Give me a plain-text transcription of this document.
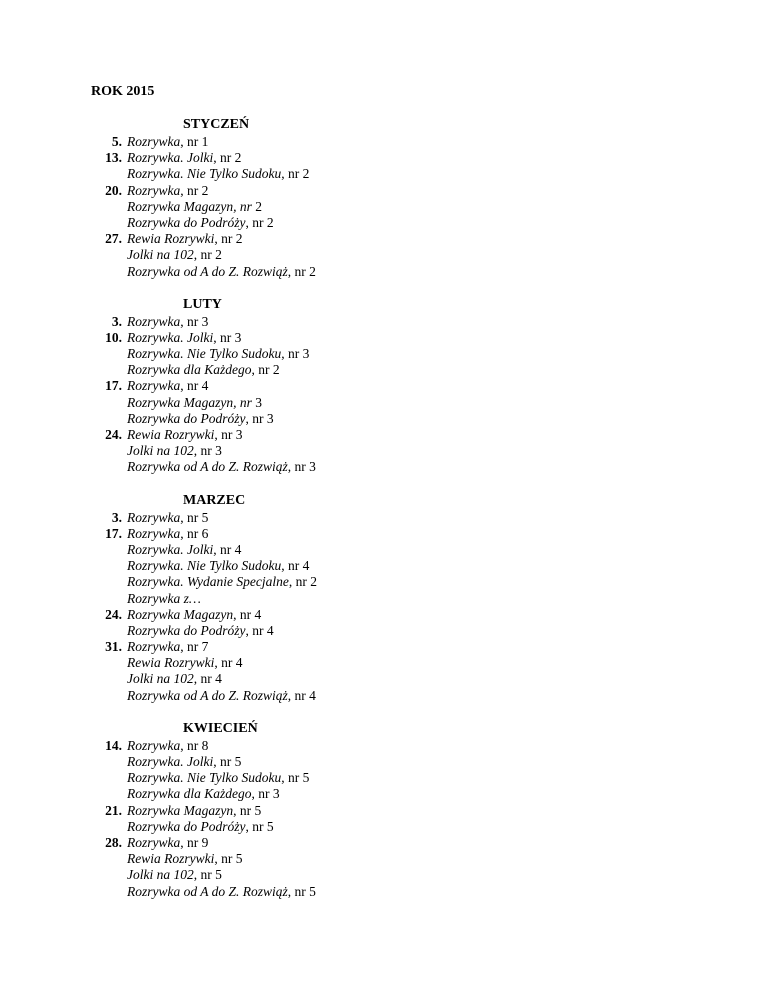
ROK 2015
STYCZEŃ
5. Rozrywka, nr 1
13. Rozrywka. Jolki, nr 2
Rozrywka. Nie Tylko Sudoku, nr 2
20. Rozrywka, nr 2
Rozrywka Magazyn, nr 2
Rozrywka do Podróży, nr 2
27. Rewia Rozrywki, nr 2
Jolki na 102, nr 2
Rozrywka od A do Z. Rozwiąż, nr 2
LUTY
3. Rozrywka, nr 3
10. Rozrywka. Jolki, nr 3
Rozrywka. Nie Tylko Sudoku, nr 3
Rozrywka dla Każdego, nr 2
17. Rozrywka, nr 4
Rozrywka Magazyn, nr 3
Rozrywka do Podróży, nr 3
24. Rewia Rozrywki, nr 3
Jolki na 102, nr 3
Rozrywka od A do Z. Rozwiąż, nr 3
MARZEC
3. Rozrywka, nr 5
17. Rozrywka, nr 6
Rozrywka. Jolki, nr 4
Rozrywka. Nie Tylko Sudoku, nr 4
Rozrywka. Wydanie Specjalne, nr 2
Rozrywka z…
24. Rozrywka Magazyn, nr 4
Rozrywka do Podróży, nr 4
31. Rozrywka, nr 7
Rewia Rozrywki, nr 4
Jolki na 102, nr 4
Rozrywka od A do Z. Rozwiąż, nr 4
KWIECIEŃ
14. Rozrywka, nr 8
Rozrywka. Jolki, nr 5
Rozrywka. Nie Tylko Sudoku, nr 5
Rozrywka dla Każdego, nr 3
21. Rozrywka Magazyn, nr 5
Rozrywka do Podróży, nr 5
28. Rozrywka, nr 9
Rewia Rozrywki, nr 5
Jolki na 102, nr 5
Rozrywka od A do Z. Rozwiąż, nr 5
